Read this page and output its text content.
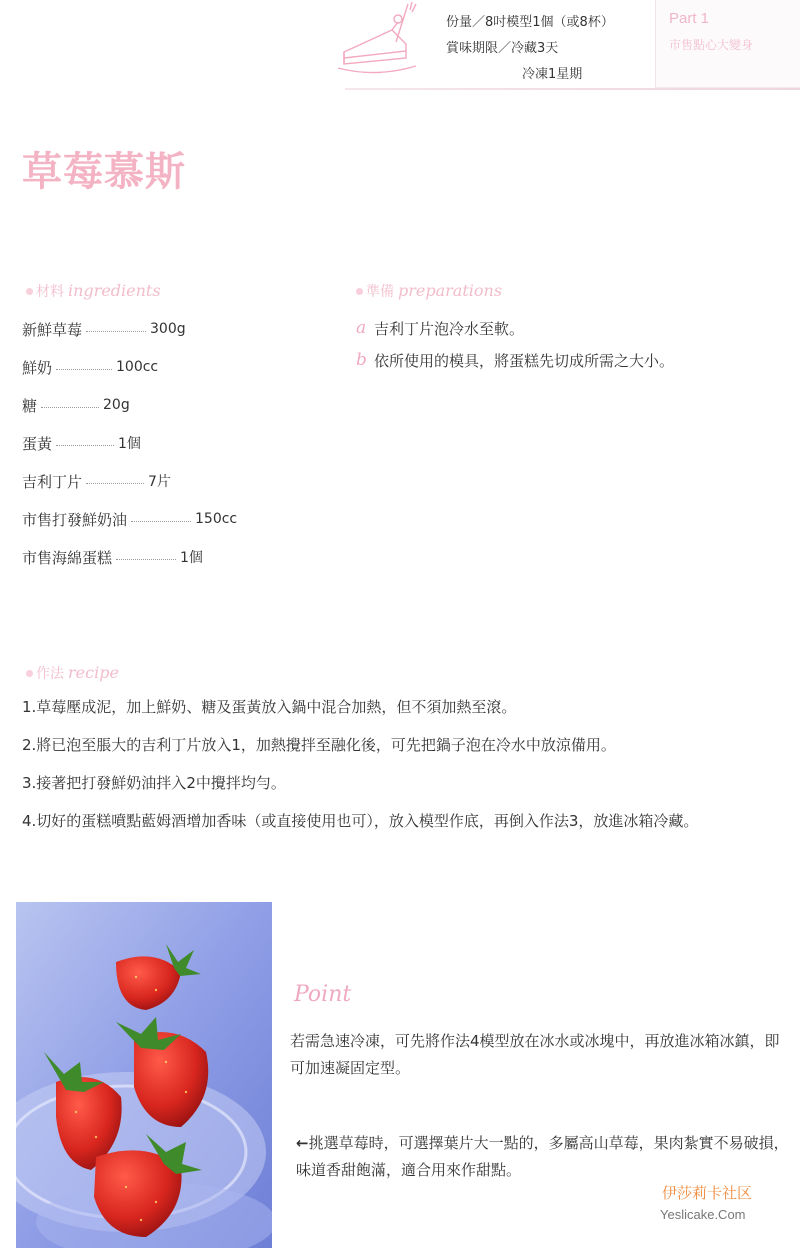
份量／8吋模型1個（或8杯）
賞味期限／冷藏3天
冷凍1星期
Part 1
市售點心大變身
草莓慕斯
材料 ingredients
新鮮草莓	300g
鮮奶	100cc
糖	20g
蛋黃	1個
吉利丁片	7片
市售打發鮮奶油	150cc
市售海綿蛋糕	1個
準備 preparations
a 吉利丁片泡冷水至軟。
b 依所使用的模具，將蛋糕先切成所需之大小。
作法 recipe
1.草莓壓成泥，加上鮮奶、糖及蛋黃放入鍋中混合加熱，但不須加熱至滾。
2.將已泡至脹大的吉利丁片放入1，加熱攪拌至融化後，可先把鍋子泡在冷水中放涼備用。
3.接著把打發鮮奶油拌入2中攪拌均勻。
4.切好的蛋糕噴點藍姆酒增加香味（或直接使用也可），放入模型作底，再倒入作法3，放進冰箱冷藏。
Point

若需急速冷凍，可先將作法4模型放在冰水或冰塊中，再放進冰箱冰鎮，即可加速凝固定型。

←挑選草莓時，可選擇葉片大一點的，多屬高山草莓，果肉紮實不易破損，味道香甜飽滿，適合用來作甜點。

伊莎莉卡社区
Yeslicake.Com
